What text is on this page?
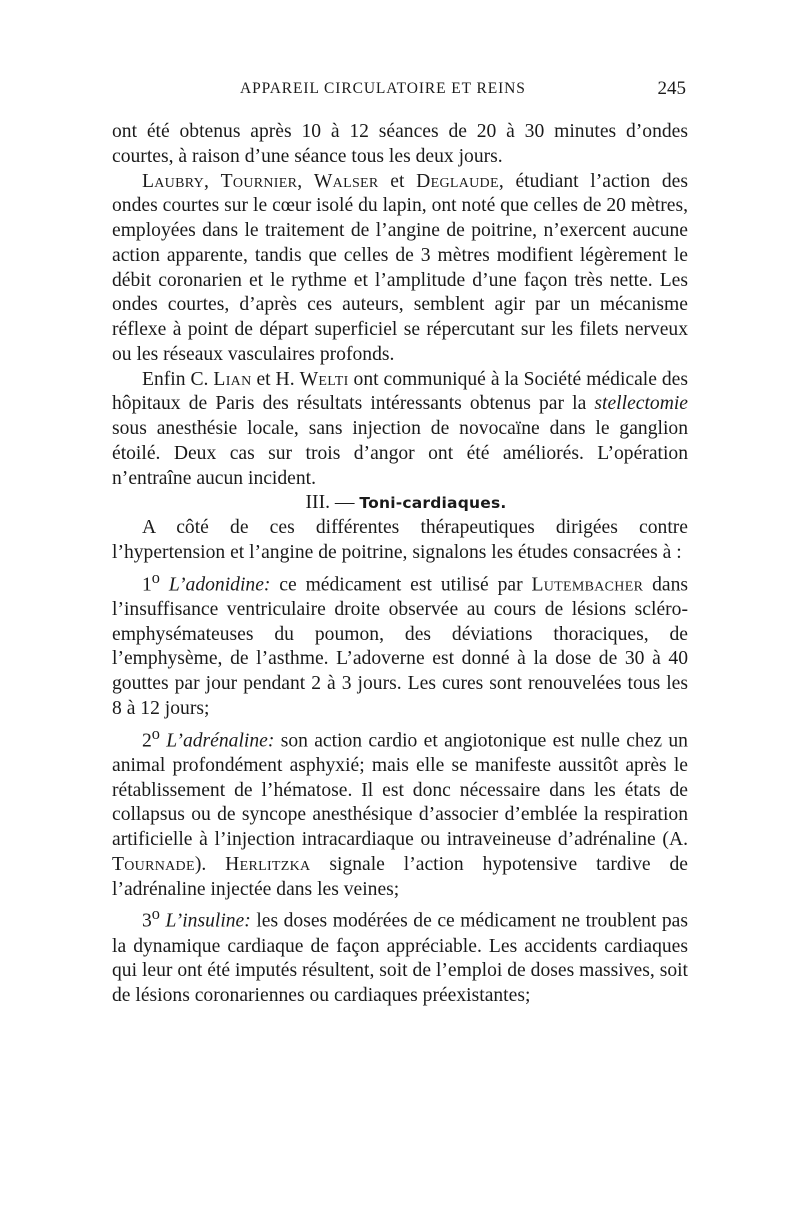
APPAREIL CIRCULATOIRE ET REINS	245

ont été obtenus après 10 à 12 séances de 20 à 30 minutes d’ondes courtes, à raison d’une séance tous les deux jours.

Laubry, Tournier, Walser et Deglaude, étudiant l’action des ondes courtes sur le cœur isolé du lapin, ont noté que celles de 20 mètres, employées dans le traitement de l’angine de poitrine, n’exercent aucune action apparente, tandis que celles de 3 mètres modifient légèrement le débit coronarien et le rythme et l’amplitude d’une façon très nette. Les ondes courtes, d’après ces auteurs, semblent agir par un mécanisme réflexe à point de départ superficiel se répercutant sur les filets nerveux ou les réseaux vasculaires profonds.

Enfin C. Lian et H. Welti ont communiqué à la Société médicale des hôpitaux de Paris des résultats intéressants obtenus par la stellectomie sous anesthésie locale, sans injection de novocaïne dans le ganglion étoilé. Deux cas sur trois d’angor ont été améliorés. L’opération n’entraîne aucun incident.

III. — Toni-cardiaques.

A côté de ces différentes thérapeutiques dirigées contre l’hypertension et l’angine de poitrine, signalons les études consacrées à :

1$^o$ L’adonidine: ce médicament est utilisé par Lutembacher dans l’insuffisance ventriculaire droite observée au cours de lésions scléro-emphysémateuses du poumon, des déviations thoraciques, de l’emphysème, de l’asthme. L’adoverne est donné à la dose de 30 à 40 gouttes par jour pendant 2 à 3 jours. Les cures sont renouvelées tous les 8 à 12 jours;

2$^o$ L’adrénaline: son action cardio et angiotonique est nulle chez un animal profondément asphyxié; mais elle se manifeste aussitôt après le rétablissement de l’hématose. Il est donc nécessaire dans les états de collapsus ou de syncope anesthésique d’associer d’emblée la respiration artificielle à l’injection intracardiaque ou intraveineuse d’adrénaline (A. Tournade). Herlitzka signale l’action hypotensive tardive de l’adrénaline injectée dans les veines;

3$^o$ L’insuline: les doses modérées de ce médicament ne troublent pas la dynamique cardiaque de façon appréciable. Les accidents cardiaques qui leur ont été imputés résultent, soit de l’emploi de doses massives, soit de lésions coronariennes ou cardiaques préexistantes;
